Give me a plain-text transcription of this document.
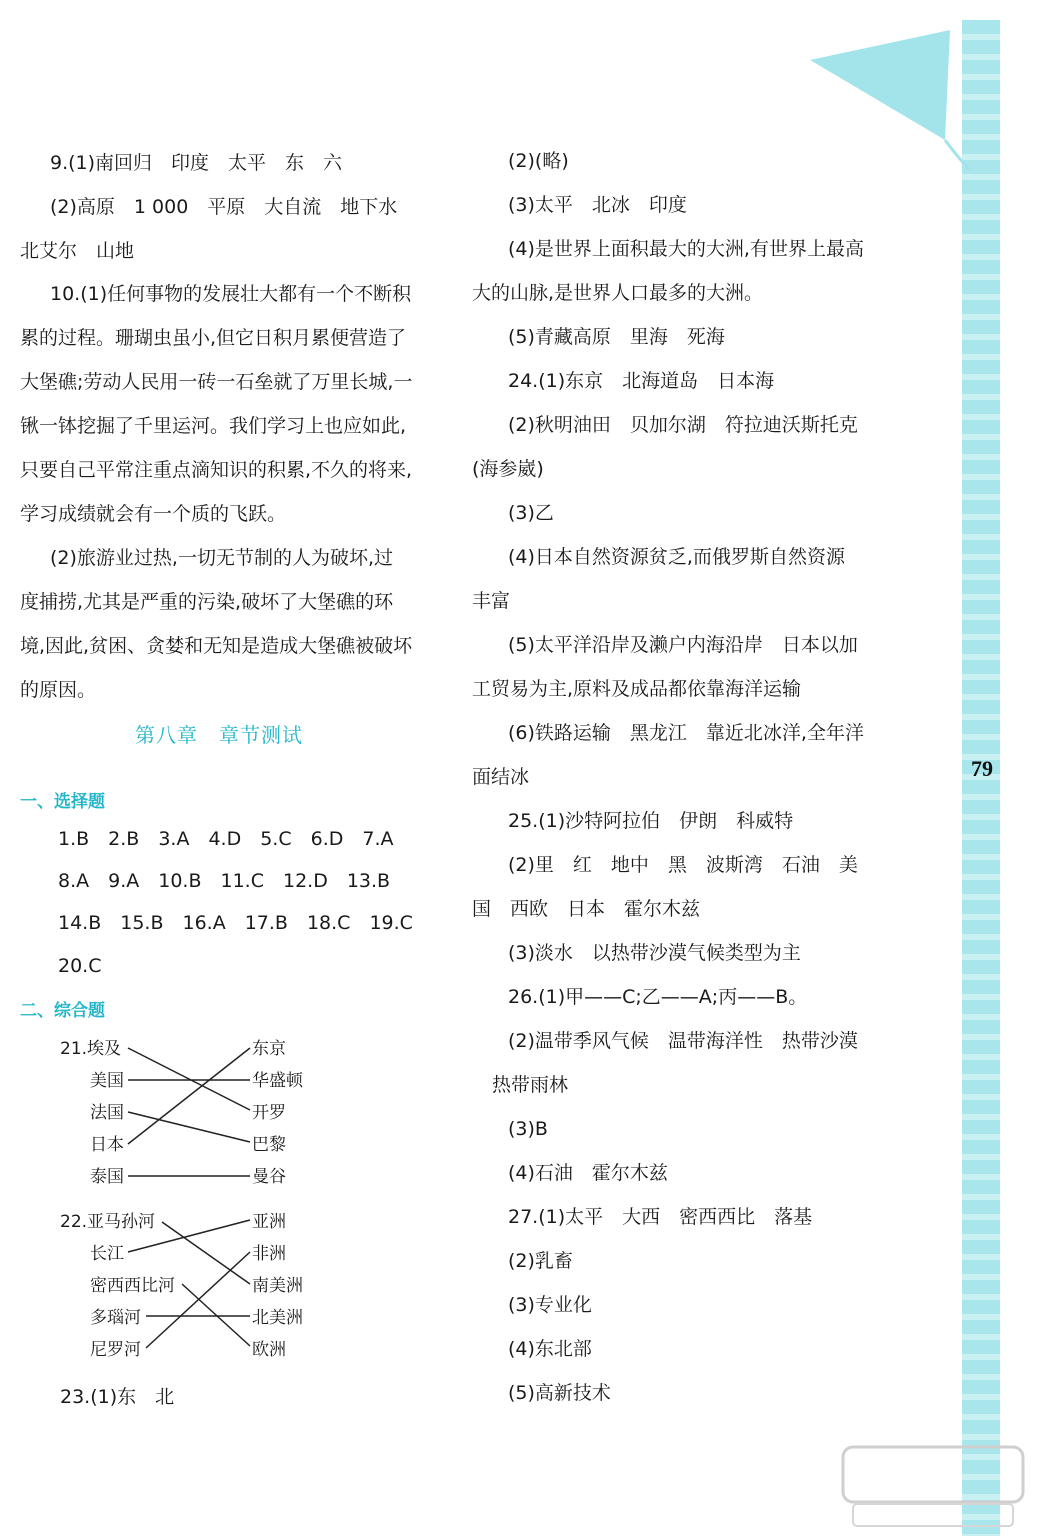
79
9.(1)南回归　印度　太平　东　六
(2)高原　1 000　平原　大自流　地下水
北艾尔　山地
10.(1)任何事物的发展壮大都有一个不断积
累的过程。珊瑚虫虽小,但它日积月累便营造了
大堡礁;劳动人民用一砖一石垒就了万里长城,一
锹一钵挖掘了千里运河。我们学习上也应如此,
只要自己平常注重点滴知识的积累,不久的将来,
学习成绩就会有一个质的飞跃。
(2)旅游业过热,一切无节制的人为破坏,过
度捕捞,尤其是严重的污染,破坏了大堡礁的环
境,因此,贫困、贪婪和无知是造成大堡礁被破坏
的原因。
第八章　章节测试
一、选择题
1.B　2.B　3.A　4.D　5.C　6.D　7.A
8.A　9.A　10.B　11.C　12.D　13.B
14.B　15.B　16.A　17.B　18.C　19.C
20.C
二、综合题
21.埃及
美国
法国
日本
泰国
东京
华盛顿
开罗
巴黎
曼谷
22.亚马孙河
长江
密西西比河
多瑙河
尼罗河
亚洲
非洲
南美洲
北美洲
欧洲
23.(1)东　北
(2)(略)
(3)太平　北冰　印度
(4)是世界上面积最大的大洲,有世界上最高
大的山脉,是世界人口最多的大洲。
(5)青藏高原　里海　死海
24.(1)东京　北海道岛　日本海
(2)秋明油田　贝加尔湖　符拉迪沃斯托克
(海参崴)
(3)乙
(4)日本自然资源贫乏,而俄罗斯自然资源
丰富
(5)太平洋沿岸及濑户内海沿岸　日本以加
工贸易为主,原料及成品都依靠海洋运输
(6)铁路运输　黑龙江　靠近北冰洋,全年洋
面结冰
25.(1)沙特阿拉伯　伊朗　科威特
(2)里　红　地中　黑　波斯湾　石油　美
国　西欧　日本　霍尔木兹
(3)淡水　以热带沙漠气候类型为主
26.(1)甲——C;乙——A;丙——B。
(2)温带季风气候　温带海洋性　热带沙漠
热带雨林
(3)B
(4)石油　霍尔木兹
27.(1)太平　大西　密西西比　落基
(2)乳畜
(3)专业化
(4)东北部
(5)高新技术
